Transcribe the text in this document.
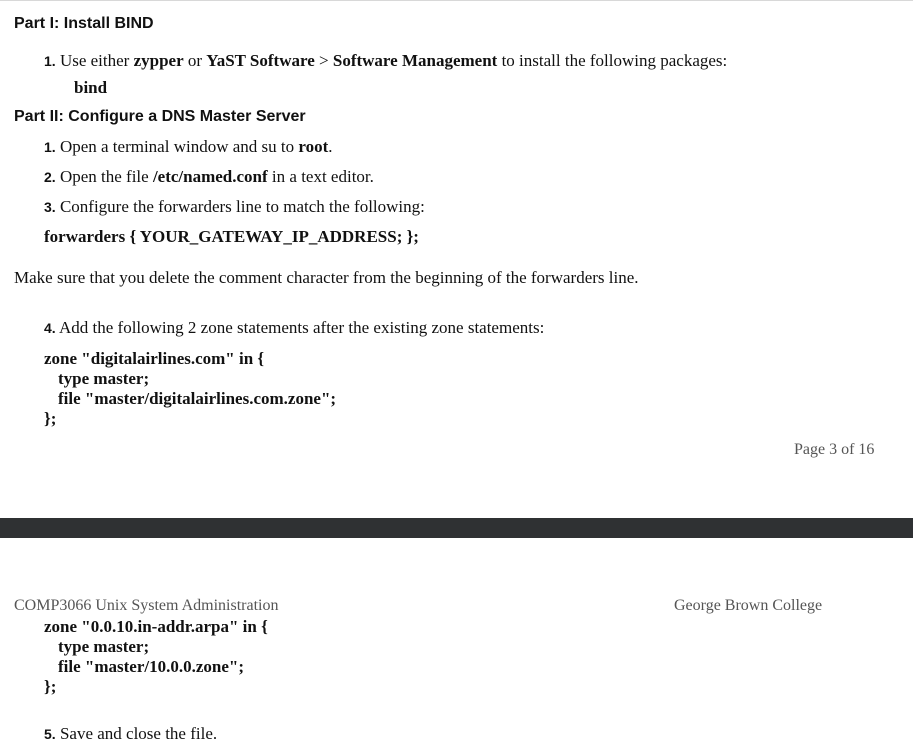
Part I: Install BIND
1. Use either zypper or YaST Software > Software Management to install the following packages:
bind
Part II: Configure a DNS Master Server
1. Open a terminal window and su to root.
2. Open the file /etc/named.conf in a text editor.
3. Configure the forwarders line to match the following:
forwarders { YOUR_GATEWAY_IP_ADDRESS; };
Make sure that you delete the comment character from the beginning of the forwarders line.
4. Add the following 2 zone statements after the existing zone statements:
zone "digitalairlines.com" in {
type master;
file "master/digitalairlines.com.zone";
};
Page 3 of 16
COMP3066 Unix System Administration	George Brown College
zone "0.0.10.in-addr.arpa" in {
type master;
file "master/10.0.0.zone";
};
5. Save and close the file.
